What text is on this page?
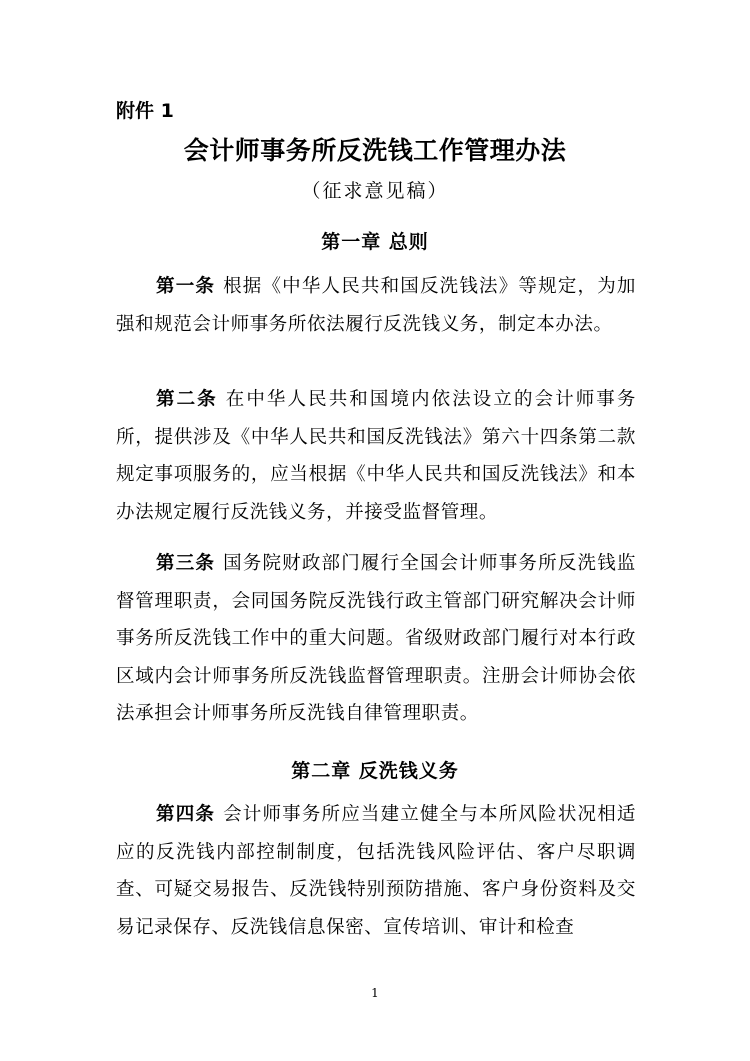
附件 1
会计师事务所反洗钱工作管理办法
（征求意见稿）
第一章 总则

第一条 根据《中华人民共和国反洗钱法》等规定，为加强和规范会计师事务所依法履行反洗钱义务，制定本办法。

第二条 在中华人民共和国境内依法设立的会计师事务所，提供涉及《中华人民共和国反洗钱法》第六十四条第二款规定事项服务的，应当根据《中华人民共和国反洗钱法》和本办法规定履行反洗钱义务，并接受监督管理。

第三条 国务院财政部门履行全国会计师事务所反洗钱监督管理职责，会同国务院反洗钱行政主管部门研究解决会计师事务所反洗钱工作中的重大问题。省级财政部门履行对本行政区域内会计师事务所反洗钱监督管理职责。注册会计师协会依法承担会计师事务所反洗钱自律管理职责。

第二章 反洗钱义务

第四条 会计师事务所应当建立健全与本所风险状况相适应的反洗钱内部控制制度，包括洗钱风险评估、客户尽职调查、可疑交易报告、反洗钱特别预防措施、客户身份资料及交易记录保存、反洗钱信息保密、宣传培训、审计和检查

1
